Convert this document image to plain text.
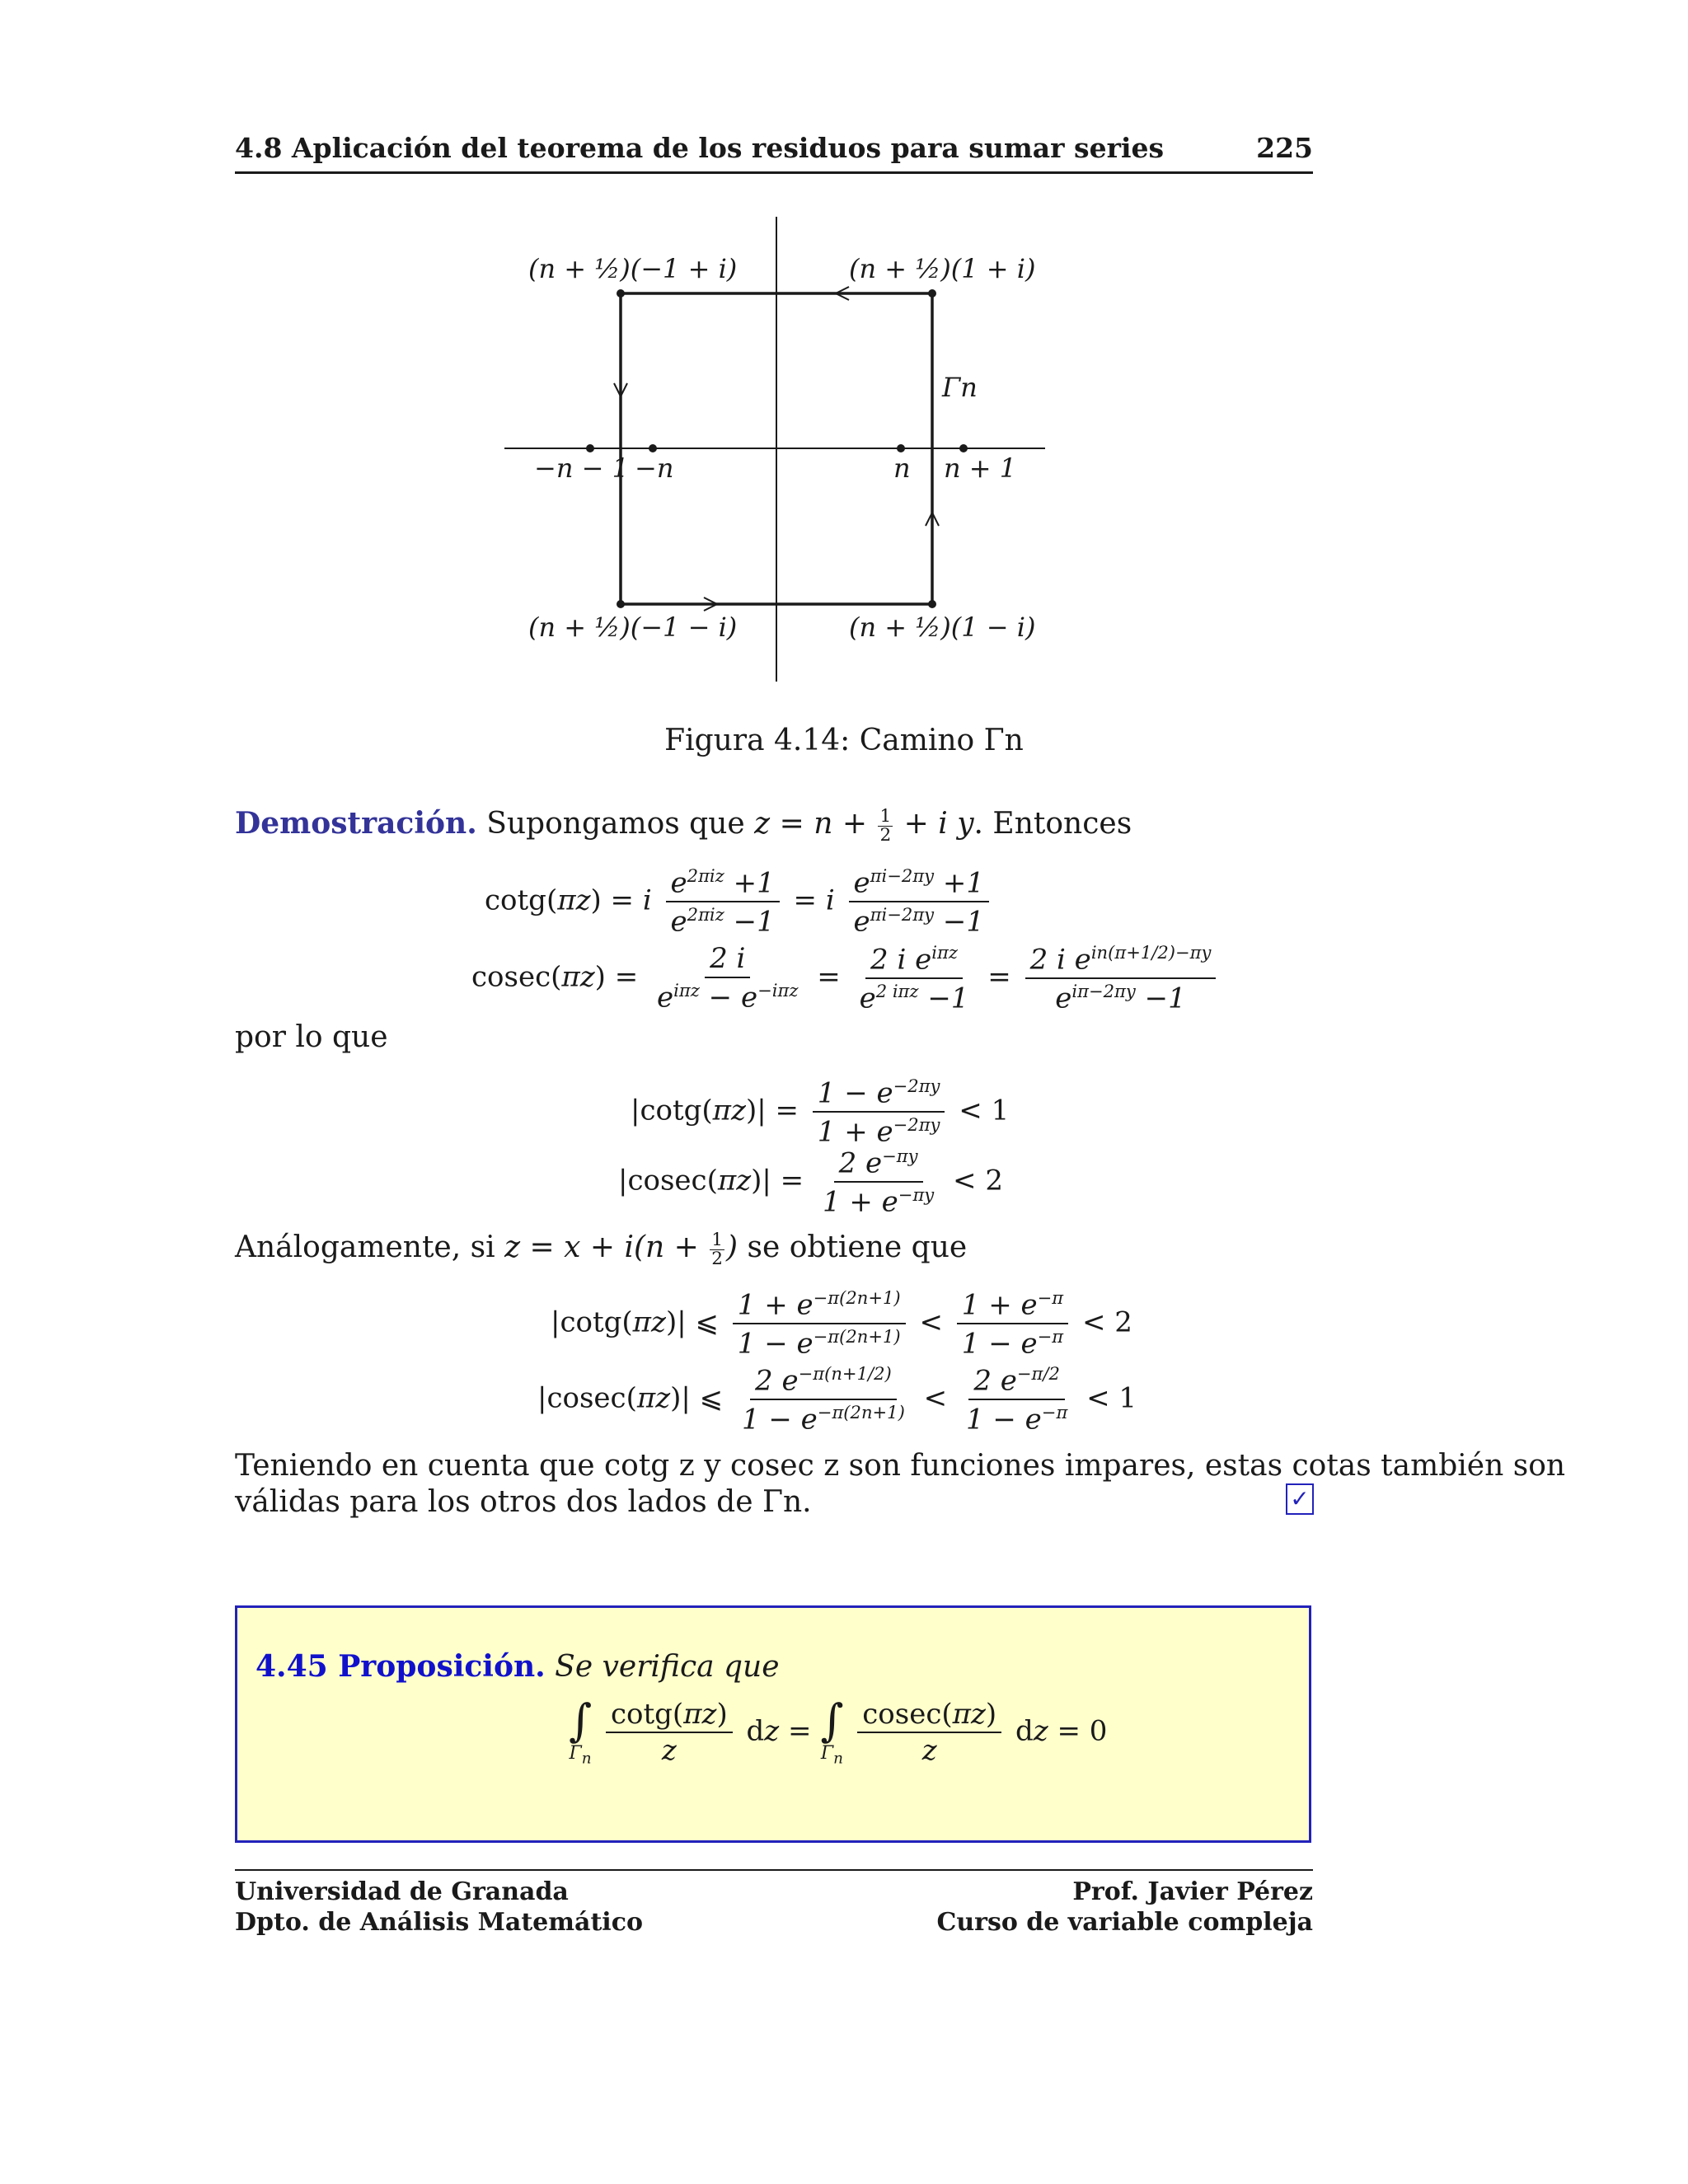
4.8 Aplicación del teorema de los residuos para sumar series	225
(n + ½)(−1 + i)	(n + ½)(1 + i)
(n + ½)(−1 − i)	(n + ½)(1 − i)
Γn
−n − 1 −n	n n + 1
Figura 4.14: Camino Γn
Demostración. Supongamos que $z = n + \frac{1}{2} + i$ y. Entonces
cotg(πz) = i $\frac{e^{2\pi iz} +1}{e^{2\pi iz} -1} = i \frac{e^{\pi i-2\pi y} +1}{e^{\pi i-2\pi y} -1}$
$cosec(\pi z) = \frac{2 i}{e^{i\pi z} - e^{-i\pi z}} = \frac{2 i e^{i\pi z}}{e^{2 i\pi z} -1} = \frac{2 i e^{in(\pi+1/2)-\pi y}}{e^{i\pi-2\pi y} -1}$
por lo que
$|\cot g(\pi z)| = \frac{1 - e^{-2\pi y}}{1 + e^{-2\pi y}} < 1$
$|cosec(\pi z)| = \frac{2 e^{-\pi y}}{1 + e^{-\pi y}} < 2$
Análogamente, si $z = x + i(n + \frac{1}{2}$ ) se obtiene que
|cotg(πz)| ⩽ $\frac{1 + e^{-\pi(2n+1)}}{1 - e^{-\pi(2n+1)}} < \frac{1 + e^{-\pi}}{1 - e^{-\pi}} < 2$
|cosec(πz)| ⩽ $\frac{2 e^{-\pi(n+1/2)}}{1 - e^{-\pi(2n+1)}} < \frac{2 e^{-\pi/2}}{1 - e^{-\pi}} < 1$
Teniendo en cuenta que cotg z y cosec z son funciones impares, estas cotas también son
válidas para los otros dos lados de Γn.	✓
4.45 Proposición. Se verifica que
∫
$\Gamma_n$
$\frac{\cot g(\pi z)}{z}$ dz = ∫
$\Gamma_n$
$\frac{cosec(\pi z)}{z}$ dz = 0
Universidad de Granada
Dpto. de Análisis Matemático
Prof. Javier Pérez
Curso de variable compleja
